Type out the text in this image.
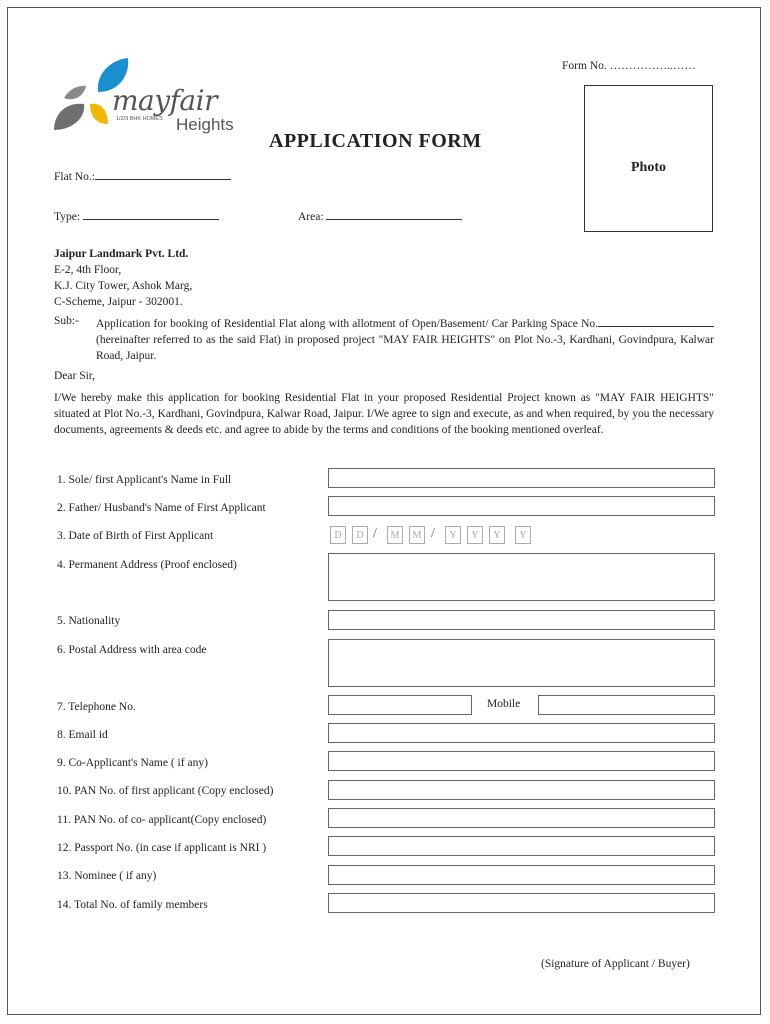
Form No. ……………..……
mayfair
1/2/3 BHK HOMES Heights
APPLICATION FORM
Photo
Flat No.:
Type:	Area:
Jaipur Landmark Pvt. Ltd.
E-2, 4th Floor,
K.J. City Tower, Ashok Marg,
C-Scheme, Jaipur - 302001.
Sub:- Application for booking of Residential Flat along with allotment of Open/Basement/ Car Parking Space No. (hereinafter referred to as the said Flat) in proposed project "MAY FAIR HEIGHTS" on Plot No.-3, Kardhani, Govindpura, Kalwar Road, Jaipur.
Dear Sir,
I/We hereby make this application for booking Residential Flat in your proposed Residential Project known as "MAY FAIR HEIGHTS" situated at Plot No.-3, Kardhani, Govindpura, Kalwar Road, Jaipur. I/We agree to sign and execute, as and when required, by you the necessary documents, agreements & deeds etc. and agree to abide by the terms and conditions of the booking mentioned overleaf.
1. Sole/ first Applicant's Name in Full
2. Father/ Husband's Name of First Applicant
3. Date of Birth of First Applicant	D	D /	M	M /	Y	Y	Y	Y
4. Permanent Address (Proof enclosed)
5. Nationality
6. Postal Address with area code
7. Telephone No.	Mobile
8. Email id
9. Co-Applicant's Name ( if any)
10. PAN No. of first applicant (Copy enclosed)
11. PAN No. of co- applicant(Copy enclosed)
12. Passport No. (in case if applicant is NRI )
13. Nominee ( if any)
14. Total No. of family members
(Signature of Applicant / Buyer)
